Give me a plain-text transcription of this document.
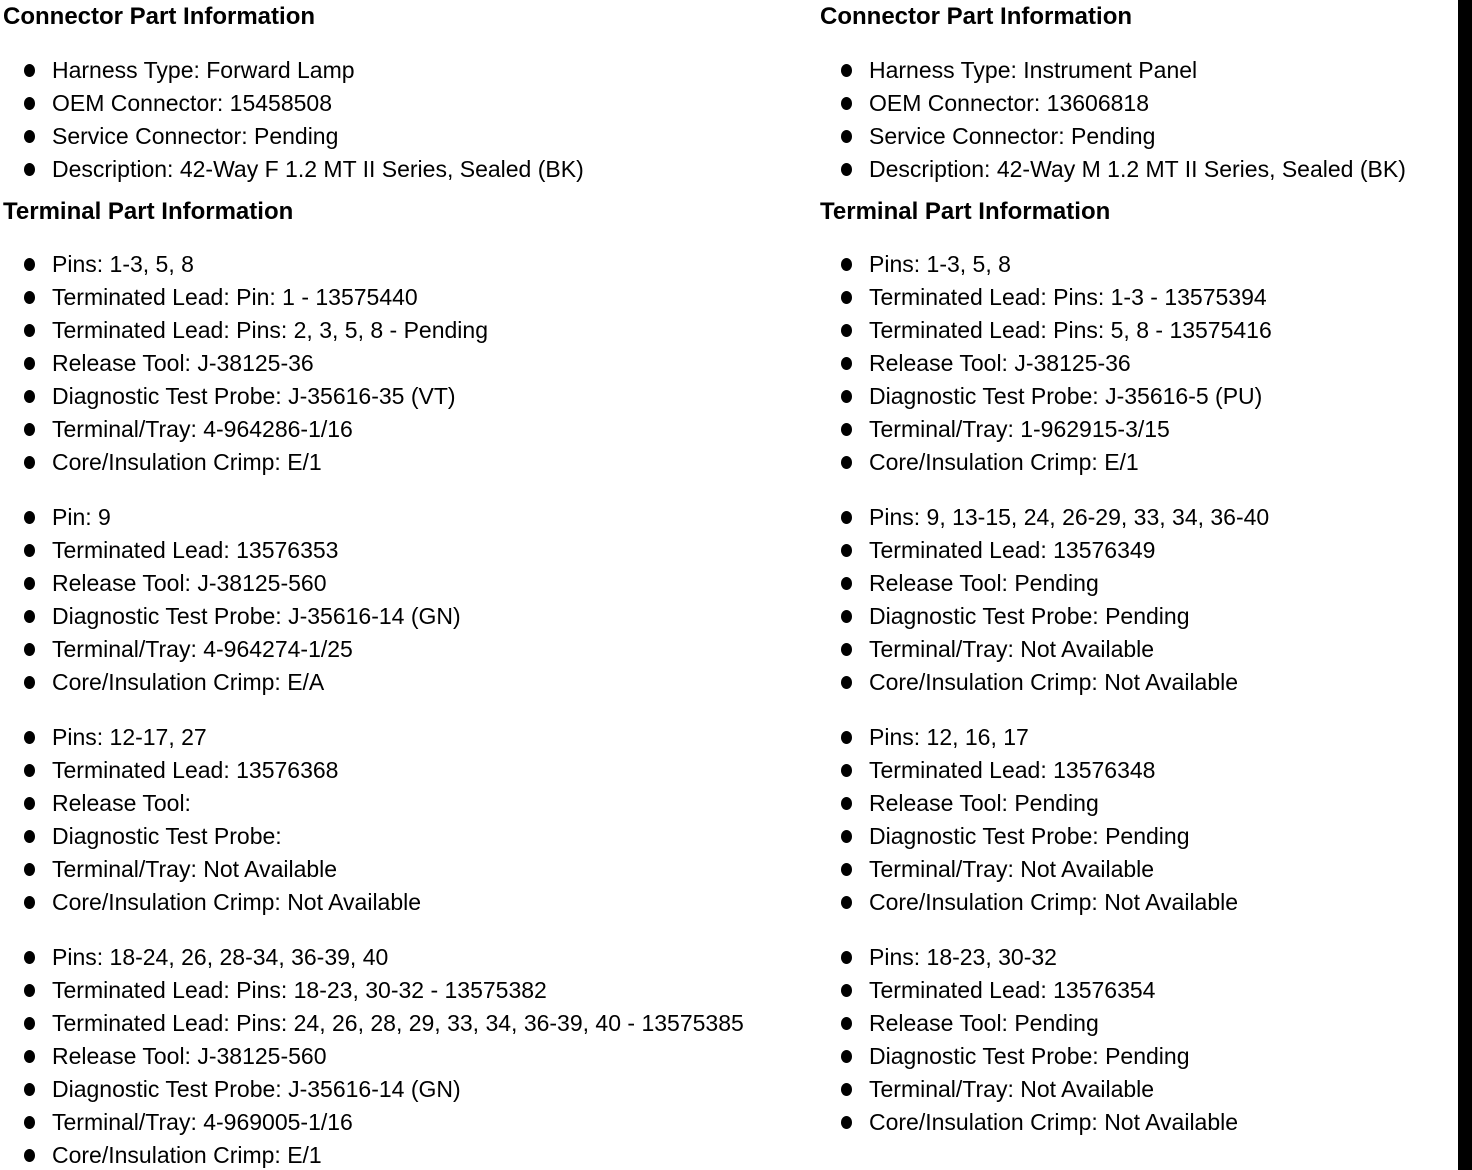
Connector Part Information
Harness Type: Forward Lamp
OEM Connector: 15458508
Service Connector: Pending
Description: 42-Way F 1.2 MT II Series, Sealed (BK)
Terminal Part Information
Pins: 1-3, 5, 8
Terminated Lead: Pin: 1 - 13575440
Terminated Lead: Pins: 2, 3, 5, 8 - Pending
Release Tool: J-38125-36
Diagnostic Test Probe: J-35616-35 (VT)
Terminal/Tray: 4-964286-1/16
Core/Insulation Crimp: E/1
Pin: 9
Terminated Lead: 13576353
Release Tool: J-38125-560
Diagnostic Test Probe: J-35616-14 (GN)
Terminal/Tray: 4-964274-1/25
Core/Insulation Crimp: E/A
Pins: 12-17, 27
Terminated Lead: 13576368
Release Tool:
Diagnostic Test Probe:
Terminal/Tray: Not Available
Core/Insulation Crimp: Not Available
Pins: 18-24, 26, 28-34, 36-39, 40
Terminated Lead: Pins: 18-23, 30-32 - 13575382
Terminated Lead: Pins: 24, 26, 28, 29, 33, 34, 36-39, 40 - 13575385
Release Tool: J-38125-560
Diagnostic Test Probe: J-35616-14 (GN)
Terminal/Tray: 4-969005-1/16
Core/Insulation Crimp: E/1
Connector Part Information
Harness Type: Instrument Panel
OEM Connector: 13606818
Service Connector: Pending
Description: 42-Way M 1.2 MT II Series, Sealed (BK)
Terminal Part Information
Pins: 1-3, 5, 8
Terminated Lead: Pins: 1-3 - 13575394
Terminated Lead: Pins: 5, 8 - 13575416
Release Tool: J-38125-36
Diagnostic Test Probe: J-35616-5 (PU)
Terminal/Tray: 1-962915-3/15
Core/Insulation Crimp: E/1
Pins: 9, 13-15, 24, 26-29, 33, 34, 36-40
Terminated Lead: 13576349
Release Tool: Pending
Diagnostic Test Probe: Pending
Terminal/Tray: Not Available
Core/Insulation Crimp: Not Available
Pins: 12, 16, 17
Terminated Lead: 13576348
Release Tool: Pending
Diagnostic Test Probe: Pending
Terminal/Tray: Not Available
Core/Insulation Crimp: Not Available
Pins: 18-23, 30-32
Terminated Lead: 13576354
Release Tool: Pending
Diagnostic Test Probe: Pending
Terminal/Tray: Not Available
Core/Insulation Crimp: Not Available
